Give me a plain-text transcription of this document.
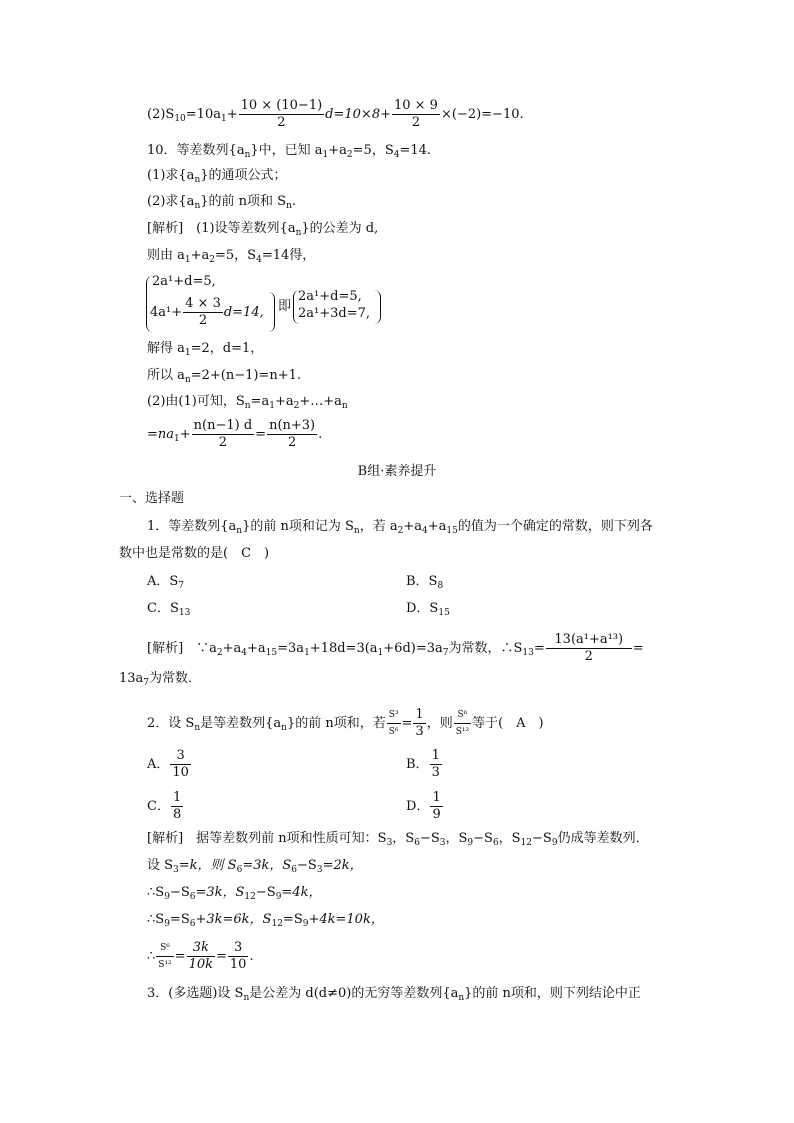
$(2)S_{10}=10a_1+ \frac{10 \times (10-1)}{2} d=10\times 8+ \frac{10 \times 9}{2} \times(-2)=-10$.
10．等差数列$\{a_n\}$中，已知 $a_1+a_2=5$，$S_4=14$.
(1)求$\{a_n\}$的通项公式；
(2)求$\{a_n\}$的前 n项和 $S_n$.
[解析]　(1)设等差数列$\{a_n\}$的公差为 d,
则由 $a_1+a_2=5$，$S_4=14$得，
2a¹+d=5,
$4a^1+ \frac{4 \times 3}{2} d=14$, 即
2a¹+d=5,
2a¹+3d=7,
解得 $a_1=2$，d=1，
所以 $a_n=2+(n-1)=n+1$.
(2)由(1)可知，$S_n=a_1+a_2+\dots+a_n$
$=na_1+ \frac{n(n-1) d}{2} = \frac{n(n+3)}{2}$ .
B组·素养提升
一、选择题
1．等差数列$\{a_n\}$的前 n项和记为 $S_n$，若 $a_2+a_4+a_{15}$的值为一个确定的常数，则下列各
数中也是常数的是(　C　)
A．$S_7$	B．$S_8$
C．$S_{13}$	D．$S_{15}$
[解析]　$\because a_2+a_4+a_{15}=3a_1+18d=3(a_1+6d)=3a_7$为常数，$\therefore S_{13}= \frac{\text{13(a¹+a¹³)}}{2}$ =
$13a_7$为常数．
2．设 $S_n$是等差数列$\{a_n\}$的前 n项和，若 $\frac{\text{S³}}{\text{S⁶}} = \frac{1}{3}$ ，则 $\frac{\text{S⁶}}{\text{S¹²}}$ 等于(　A　)
A． $\frac{3}{10}$	B． $\frac{1}{3}$
C． $\frac{1}{8}$	D． $\frac{1}{9}$
[解析]　据等差数列前 n项和性质可知：$S_3$，$S_6-S_3$，$S_9-S_6$，$S_{12}-S_9$仍成等差数列．
设 $S_3=k$，则 $S_6=3k$，$S_6-S_3=2k$，
$\therefore S_9-S_6=3k$，$S_{12}-S_9=4k$，
$\therefore S_9=S_6+3k=6k$，$S_{12}=S_9+4k=10k$，
∴ $\frac{\text{S⁶}}{\text{S¹²}} = \frac{3k}{10k} = \frac{3}{10}$ .
3．(多选题)设 $S_n$是公差为 d(d≠0)的无穷等差数列$\{a_n\}$的前 n项和，则下列结论中正
